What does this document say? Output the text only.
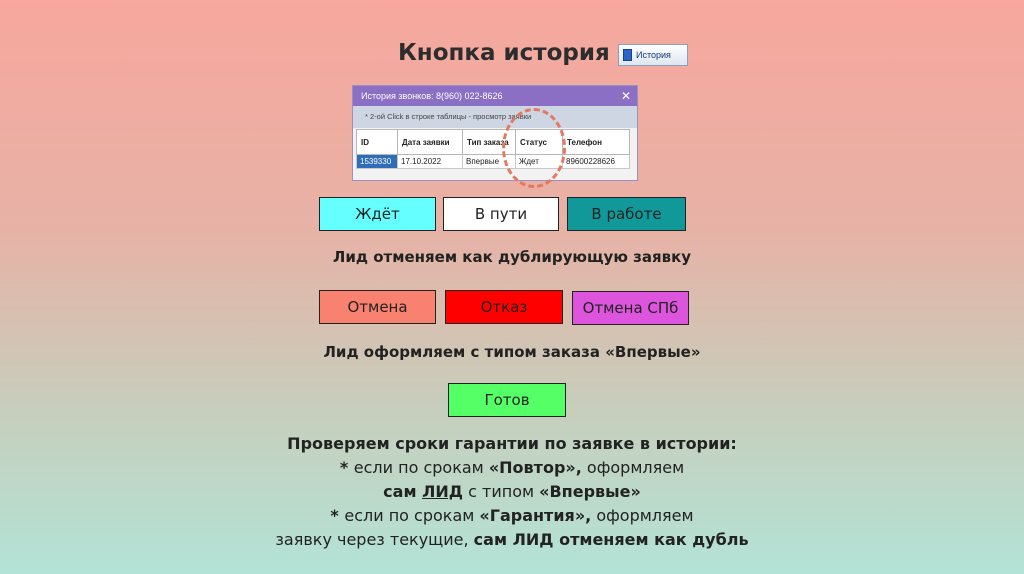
Кнопка история	История
История звонков: 8(960) 022-8626	✕
* 2-ой Click в строке таблицы - просмотр заявки
ID	Дата заявки	Тип заказа	Статус	Телефон
1539330	17.10.2022	Впервые	Ждет	89600228626
Ждёт	В пути	В работе
Лид отменяем как дублирующую заявку
Отмена	Отказ	Отмена СПб
Лид оформляем с типом заказа «Впервые»
Готов
Проверяем сроки гарантии по заявке в истории:
* если по срокам «Повтор», оформляем
сам ЛИД с типом «Впервые»
* если по срокам «Гарантия», оформляем
заявку через текущие, сам ЛИД отменяем как дубль
